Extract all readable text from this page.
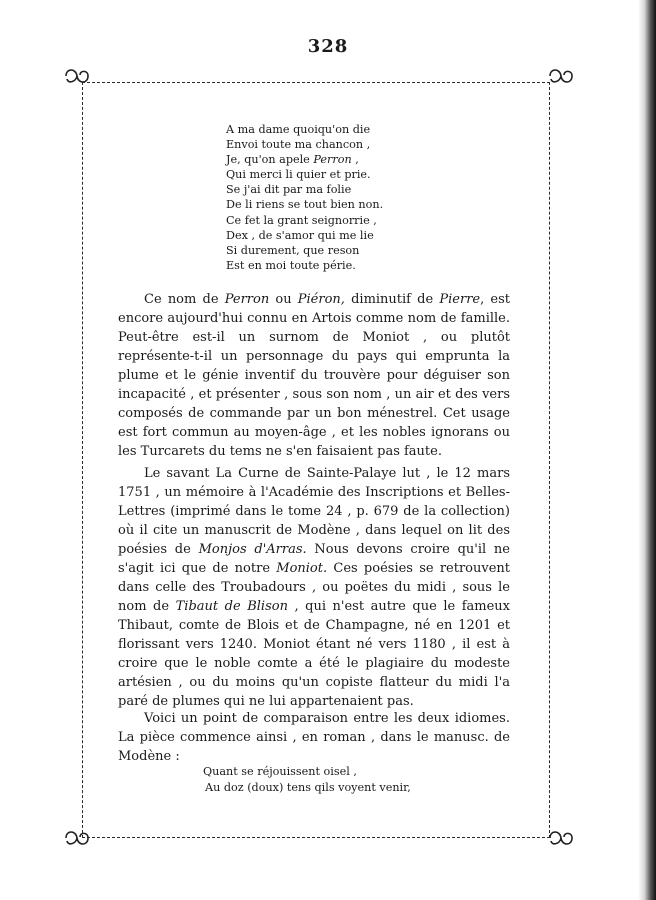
328
A ma dame quoiqu'on die
Envoi toute ma chancon ,
Je, qu'on apele Perron ,
Qui merci li quier et prie.
Se j'ai dit par ma folie
De li riens se tout bien non.
Ce fet la grant seignorrie ,
Dex , de s'amor qui me lie
Si durement, que reson
Est en moi toute périe.

Ce nom de Perron ou Piéron, diminutif de Pierre, est encore aujourd'hui connu en Artois comme nom de famille. Peut-être est-il un surnom de Moniot , ou plutôt représente-t-il un personnage du pays qui emprunta la plume et le génie inventif du trouvère pour déguiser son incapacité , et présenter , sous son nom , un air et des vers composés de commande par un bon ménestrel. Cet usage est fort commun au moyen-âge , et les nobles ignorans ou les Turcarets du tems ne s'en faisaient pas faute.

Le savant La Curne de Sainte-Palaye lut , le 12 mars 1751 , un mémoire à l'Académie des Inscriptions et Belles-Lettres (imprimé dans le tome 24 , p. 679 de la collection) où il cite un manuscrit de Modène , dans lequel on lit des poésies de Monjos d'Arras. Nous devons croire qu'il ne s'agit ici que de notre Moniot. Ces poésies se retrouvent dans celle des Troubadours , ou poëtes du midi , sous le nom de Tibaut de Blison , qui n'est autre que le fameux Thibaut, comte de Blois et de Champagne, né en 1201 et florissant vers 1240. Moniot étant né vers 1180 , il est à croire que le noble comte a été le plagiaire du modeste artésien , ou du moins qu'un copiste flatteur du midi l'a paré de plumes qui ne lui appartenaient pas.

Voici un point de comparaison entre les deux idiomes. La pièce commence ainsi , en roman , dans le manusc. de Modène :

Quant se réjouissent oisel ,
Au doz (doux) tens qils voyent venir,
